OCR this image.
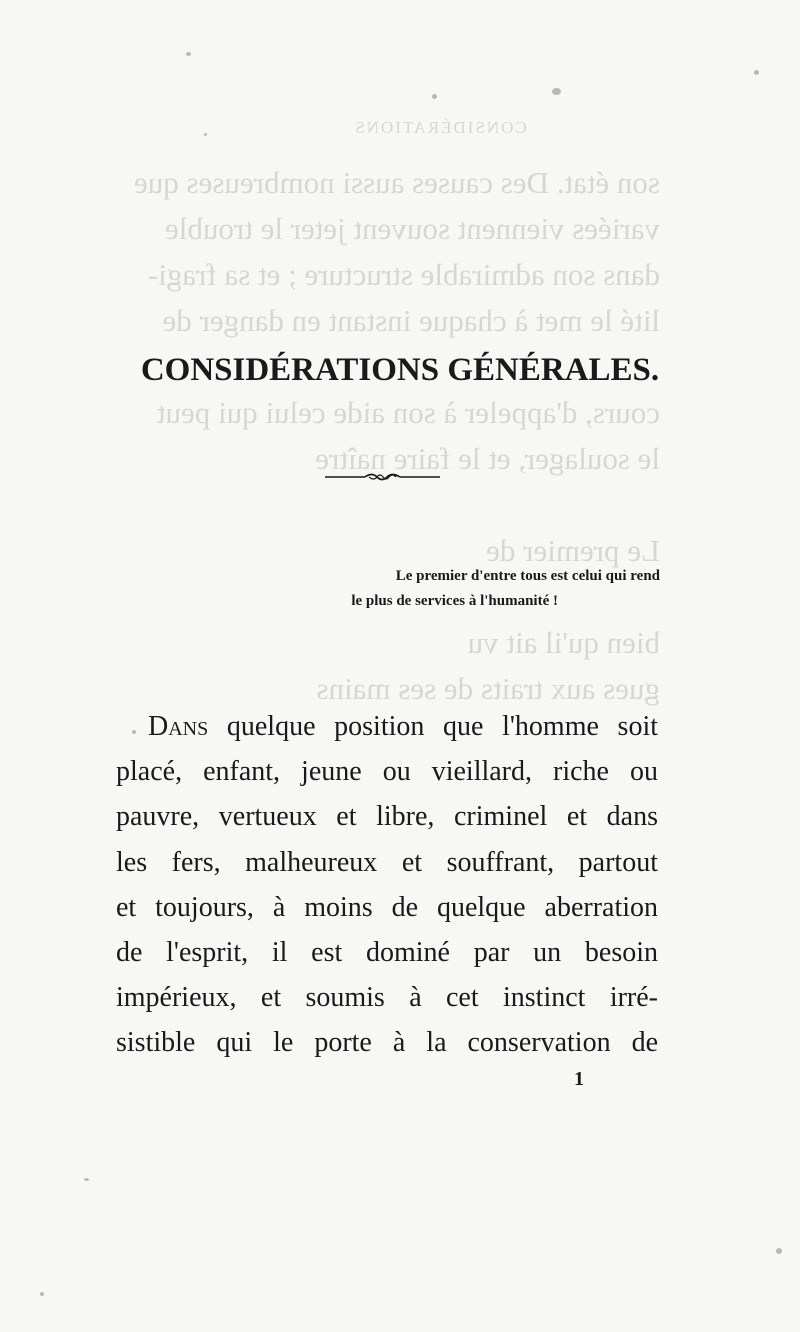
CONSIDÉRATIONS
son état. Des causes aussi nombreuses que
variées viennent souvent jeter le trouble
dans son admirable structure ; et sa fragi-
lité le met à chaque instant en danger de
cours, d'appeler à son aide celui qui peut
le soulager, et le faire naître
Le premier de
bien qu'il ait vu
gues aux traits de ses mains
CONSIDÉRATIONS GÉNÉRALES.
Le premier d'entre tous est celui qui rend
le plus de services à l'humanité !
Dans quelque position que l'homme soit
placé, enfant, jeune ou vieillard, riche ou
pauvre, vertueux et libre, criminel et dans
les fers, malheureux et souffrant, partout
et toujours, à moins de quelque aberration
de l'esprit, il est dominé par un besoin
impérieux, et soumis à cet instinct irré-
sistible qui le porte à la conservation de
1
